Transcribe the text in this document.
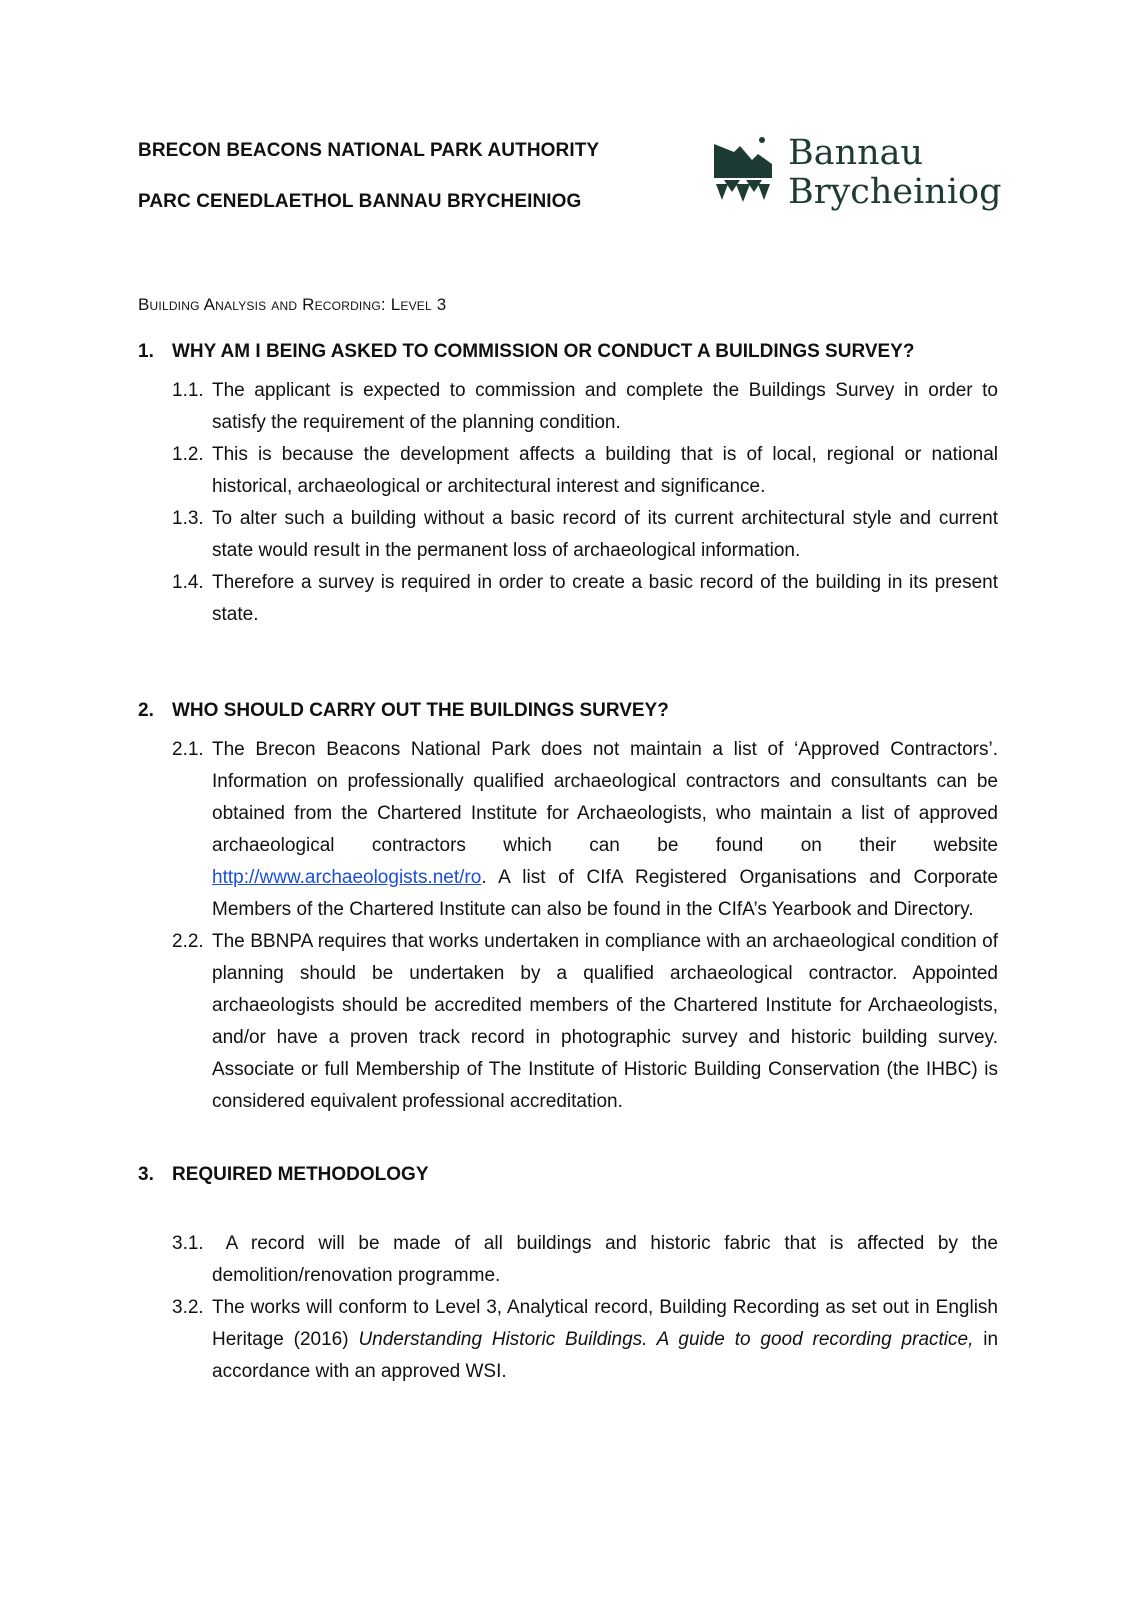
BRECON BEACONS NATIONAL PARK AUTHORITY
PARC CENEDLAETHOL BANNAU BRYCHEINIOG
Bannau
Brycheiniog
Building Analysis and Recording: Level 3
1. WHY AM I BEING ASKED TO COMMISSION OR CONDUCT A BUILDINGS SURVEY?
1.1. The applicant is expected to commission and complete the Buildings Survey in order to satisfy the requirement of the planning condition.
1.2. This is because the development affects a building that is of local, regional or national historical, archaeological or architectural interest and significance.
1.3. To alter such a building without a basic record of its current architectural style and current state would result in the permanent loss of archaeological information.
1.4. Therefore a survey is required in order to create a basic record of the building in its present state.
2. WHO SHOULD CARRY OUT THE BUILDINGS SURVEY?
2.1. The Brecon Beacons National Park does not maintain a list of ‘Approved Contractors’. Information on professionally qualified archaeological contractors and consultants can be obtained from the Chartered Institute for Archaeologists, who maintain a list of approved archaeological contractors which can be found on their website http://www.archaeologists.net/ro. A list of CIfA Registered Organisations and Corporate Members of the Chartered Institute can also be found in the CIfA’s Yearbook and Directory.
2.2. The BBNPA requires that works undertaken in compliance with an archaeological condition of planning should be undertaken by a qualified archaeological contractor. Appointed archaeologists should be accredited members of the Chartered Institute for Archaeologists, and/or have a proven track record in photographic survey and historic building survey. Associate or full Membership of The Institute of Historic Building Conservation (the IHBC) is considered equivalent professional accreditation.
3. REQUIRED METHODOLOGY
3.1. A record will be made of all buildings and historic fabric that is affected by the demolition/renovation programme.
3.2. The works will conform to Level 3, Analytical record, Building Recording as set out in English Heritage (2016) Understanding Historic Buildings. A guide to good recording practice, in accordance with an approved WSI.
